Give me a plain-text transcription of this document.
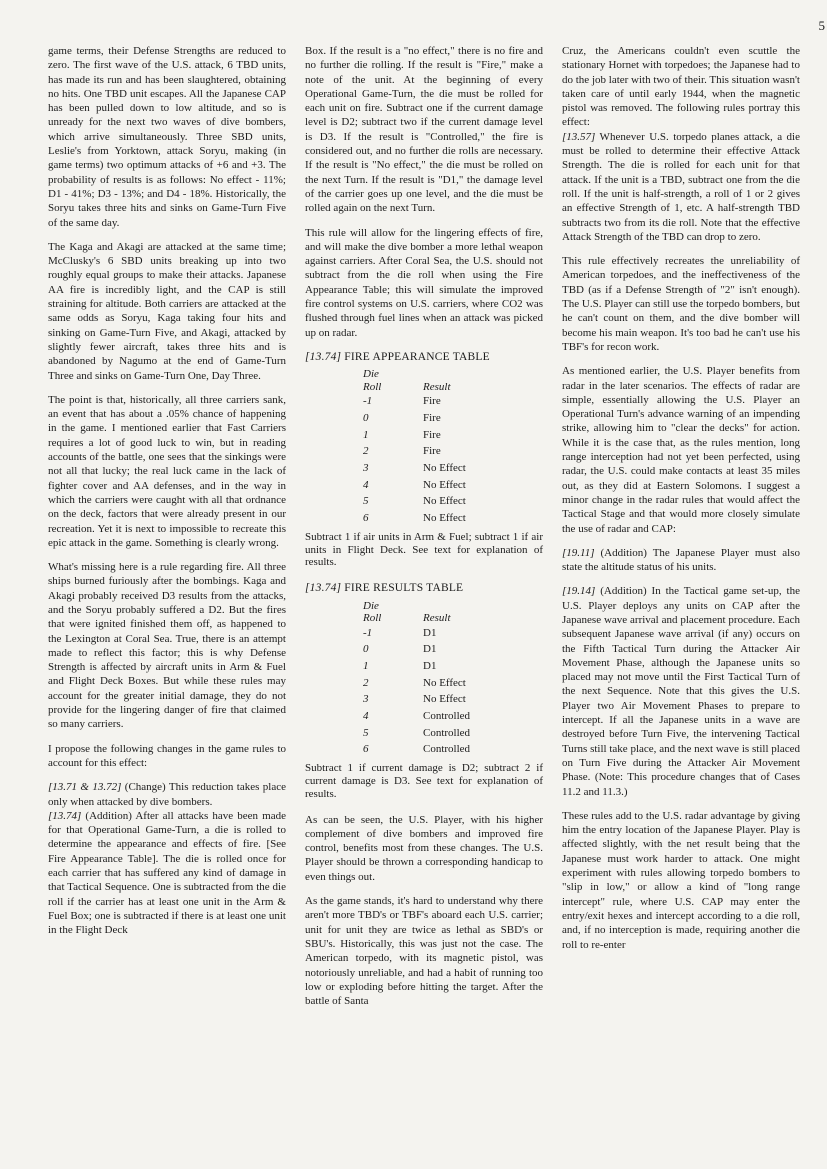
5

game terms, their Defense Strengths are reduced to zero. The first wave of the U.S. attack, 6 TBD units, has made its run and has been slaughtered, obtaining no hits. One TBD unit escapes. All the Japanese CAP has been pulled down to low altitude, and so is unready for the next two waves of dive bombers, which arrive simultaneously. Three SBD units, Leslie's from Yorktown, attack Soryu, making (in game terms) two optimum attacks of +6 and +3. The probability of results is as follows: No effect - 11%; D1 - 41%; D3 - 13%; and D4 - 18%. Historically, the Soryu takes three hits and sinks on Game-Turn Five of the same day.

The Kaga and Akagi are attacked at the same time; McClusky's 6 SBD units breaking up into two roughly equal groups to make their attacks. Japanese AA fire is incredibly light, and the CAP is still straining for altitude. Both carriers are attacked at the same odds as Soryu, Kaga taking four hits and sinking on Game-Turn Five, and Akagi, attacked by slightly fewer aircraft, takes three hits and is abandoned by Nagumo at the end of Game-Turn Three and sinks on Game-Turn One, Day Three.

The point is that, historically, all three carriers sank, an event that has about a .05% chance of happening in the game. I mentioned earlier that Fast Carriers requires a lot of good luck to win, but in reading accounts of the battle, one sees that the sinkings were not all that lucky; the real luck came in the lack of fighter cover and AA defenses, and in the way in which the carriers were caught with all that ordnance on the deck, factors that were already present in our recreation. Yet it is next to impossible to recreate this epic attack in the game. Something is clearly wrong.

What's missing here is a rule regarding fire. All three ships burned furiously after the bombings. Kaga and Akagi probably received D3 results from the attacks, and the Soryu probably suffered a D2. But the fires that were ignited finished them off, as happened to the Lexington at Coral Sea. True, there is an attempt made to reflect this factor; this is why Defense Strength is affected by aircraft units in Arm & Fuel and Flight Deck Boxes. But while these rules may account for the greater initial damage, they do not provide for the lingering danger of fire that claimed so many carriers.

I propose the following changes in the game rules to account for this effect:

[13.71 & 13.72] (Change) This reduction takes place only when attacked by dive bombers.

[13.74] (Addition) After all attacks have been made for that Operational Game-Turn, a die is rolled to determine the appearance and effects of fire. [See Fire Appearance Table]. The die is rolled once for each carrier that has suffered any kind of damage in that Tactical Sequence. One is subtracted from the die roll if the carrier has at least one unit in the Arm & Fuel Box; one is subtracted if there is at least one unit in the Flight Deck

Box. If the result is a "no effect," there is no fire and no further die rolling. If the result is "Fire," make a note of the unit. At the beginning of every Operational Game-Turn, the die must be rolled for each unit on fire. Subtract one if the current damage level is D2; subtract two if the current damage level is D3. If the result is "Controlled," the fire is considered out, and no further die rolls are necessary. If the result is "No effect," the die must be rolled on the next Turn. If the result is "D1," the damage level of the carrier goes up one level, and the die must be rolled again on the next Turn.

This rule will allow for the lingering effects of fire, and will make the dive bomber a more lethal weapon against carriers. After Coral Sea, the U.S. should not subtract from the die roll when using the Fire Appearance Table; this will simulate the improved fire control systems on U.S. carriers, where CO2 was flushed through fuel lines when an attack was picked up on radar.

[13.74] FIRE APPEARANCE TABLE
Die
Roll	Result
-1	Fire
0	Fire
1	Fire
2	Fire
3	No Effect
4	No Effect
5	No Effect
6	No Effect
Subtract 1 if air units in Arm & Fuel; subtract 1 if air units in Flight Deck. See text for explanation of results.
[13.74] FIRE RESULTS TABLE
Die
Roll	Result
-1	D1
0	D1
1	D1
2	No Effect
3	No Effect
4	Controlled
5	Controlled
6	Controlled
Subtract 1 if current damage is D2; subtract 2 if current damage is D3. See text for explanation of results.

As can be seen, the U.S. Player, with his higher complement of dive bombers and improved fire control, benefits most from these changes. The U.S. Player should be thrown a corresponding handicap to even things out.

As the game stands, it's hard to understand why there aren't more TBD's or TBF's aboard each U.S. carrier; unit for unit they are twice as lethal as SBD's or SBU's. Historically, this was just not the case. The American torpedo, with its magnetic pistol, was notoriously unreliable, and had a habit of running too low or exploding before hitting the target. After the battle of Santa

Cruz, the Americans couldn't even scuttle the stationary Hornet with torpedoes; the Japanese had to do the job later with two of their. This situation wasn't taken care of until early 1944, when the magnetic pistol was removed. The following rules portray this effect:

[13.57] Whenever U.S. torpedo planes attack, a die must be rolled to determine their effective Attack Strength. The die is rolled for each unit for that attack. If the unit is a TBD, subtract one from the die roll. If the unit is half-strength, a roll of 1 or 2 gives an effective Strength of 1, etc. A half-strength TBD subtracts two from its die roll. Note that the effective Attack Strength of the TBD can drop to zero.

This rule effectively recreates the unreliability of American torpedoes, and the ineffectiveness of the TBD (as if a Defense Strength of "2" isn't enough). The U.S. Player can still use the torpedo bombers, but he can't count on them, and the dive bomber will become his main weapon. It's too bad he can't use his TBF's for recon work.

As mentioned earlier, the U.S. Player benefits from radar in the later scenarios. The effects of radar are simple, essentially allowing the U.S. Player an Operational Turn's advance warning of an impending strike, allowing him to "clear the decks" for action. While it is the case that, as the rules mention, long range interception had not yet been perfected, using radar, the U.S. could make contacts at least 35 miles out, as they did at Eastern Solomons. I suggest a minor change in the radar rules that would affect the Tactical Stage and that would more closely simulate the use of radar and CAP:

[19.11] (Addition) The Japanese Player must also state the altitude status of his units.

[19.14] (Addition) In the Tactical game set-up, the U.S. Player deploys any units on CAP after the Japanese wave arrival and placement procedure. Each subsequent Japanese wave arrival (if any) occurs on the Fifth Tactical Turn during the Attacker Air Movement Phase, although the Japanese units so placed may not move until the First Tactical Turn of the next Sequence. Note that this gives the U.S. Player two Air Movement Phases to prepare to intercept. If all the Japanese units in a wave are destroyed before Turn Five, the intervening Tactical Turns still take place, and the next wave is still placed on Turn Five during the Attacker Air Movement Phase. (Note: This procedure changes that of Cases 11.2 and 11.3.)

These rules add to the U.S. radar advantage by giving him the entry location of the Japanese Player. Play is affected slightly, with the net result being that the Japanese must work harder to attack. One might experiment with rules allowing torpedo bombers to "slip in low," or allow a kind of "long range intercept" rule, where U.S. CAP may enter the entry/exit hexes and intercept according to a die roll, and, if no interception is made, requiring another die roll to re-enter
